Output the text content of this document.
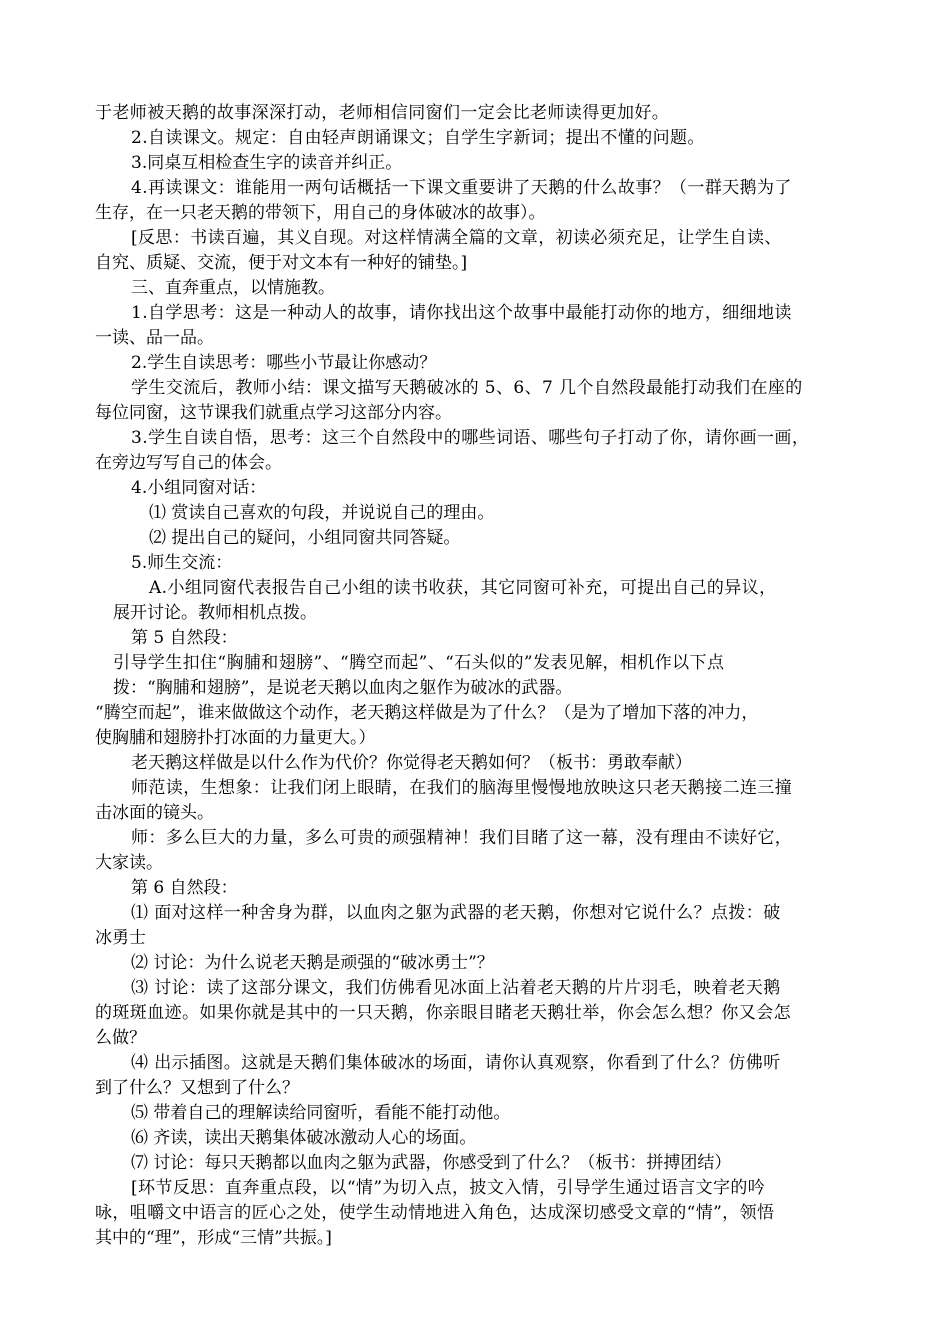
于老师被天鹅的故事深深打动，老师相信同窗们一定会比老师读得更加好。

2.自读课文。规定：自由轻声朗诵课文；自学生字新词；提出不懂的问题。

3.同桌互相检查生字的读音并纠正。

4.再读课文：谁能用一两句话概括一下课文重要讲了天鹅的什么故事？（一群天鹅为了

生存，在一只老天鹅的带领下，用自己的身体破冰的故事）。

[反思：书读百遍，其义自现。对这样情满全篇的文章，初读必须充足，让学生自读、

自究、质疑、交流，便于对文本有一种好的铺垫。]

三、直奔重点，以情施教。

1.自学思考：这是一种动人的故事，请你找出这个故事中最能打动你的地方，细细地读

一读、品一品。

2.学生自读思考：哪些小节最让你感动？

学生交流后，教师小结：课文描写天鹅破冰的 5、6、7 几个自然段最能打动我们在座的

每位同窗，这节课我们就重点学习这部分内容。

3.学生自读自悟，思考：这三个自然段中的哪些词语、哪些句子打动了你，请你画一画，

在旁边写写自己的体会。

4.小组同窗对话：

⑴ 赏读自己喜欢的句段，并说说自己的理由。

⑵ 提出自己的疑问，小组同窗共同答疑。

5.师生交流：

A.小组同窗代表报告自己小组的读书收获，其它同窗可补充，可提出自己的异议，

展开讨论。教师相机点拨。

第 5 自然段：

引导学生扣住“胸脯和翅膀”、“腾空而起”、“石头似的”发表见解，相机作以下点

拨：“胸脯和翅膀”，是说老天鹅以血肉之躯作为破冰的武器。

“腾空而起”，谁来做做这个动作，老天鹅这样做是为了什么？（是为了增加下落的冲力，

使胸脯和翅膀扑打冰面的力量更大。）

老天鹅这样做是以什么作为代价？你觉得老天鹅如何？（板书：勇敢奉献）

师范读，生想象：让我们闭上眼睛，在我们的脑海里慢慢地放映这只老天鹅接二连三撞

击冰面的镜头。

师：多么巨大的力量，多么可贵的顽强精神！我们目睹了这一幕，没有理由不读好它，

大家读。

第 6 自然段：

⑴ 面对这样一种舍身为群，以血肉之躯为武器的老天鹅，你想对它说什么？点拨：破

冰勇士

⑵ 讨论：为什么说老天鹅是顽强的“破冰勇士”？

⑶ 讨论：读了这部分课文，我们仿佛看见冰面上沾着老天鹅的片片羽毛，映着老天鹅

的斑斑血迹。如果你就是其中的一只天鹅，你亲眼目睹老天鹅壮举，你会怎么想？你又会怎

么做？

⑷ 出示插图。这就是天鹅们集体破冰的场面，请你认真观察，你看到了什么？仿佛听

到了什么？又想到了什么？

⑸ 带着自己的理解读给同窗听，看能不能打动他。

⑹ 齐读，读出天鹅集体破冰激动人心的场面。

⑺ 讨论：每只天鹅都以血肉之躯为武器，你感受到了什么？（板书：拼搏团结）

[环节反思：直奔重点段，以“情”为切入点，披文入情，引导学生通过语言文字的吟

咏，咀嚼文中语言的匠心之处，使学生动情地进入角色，达成深切感受文章的“情”，领悟

其中的“理”，形成“三情”共振。]
